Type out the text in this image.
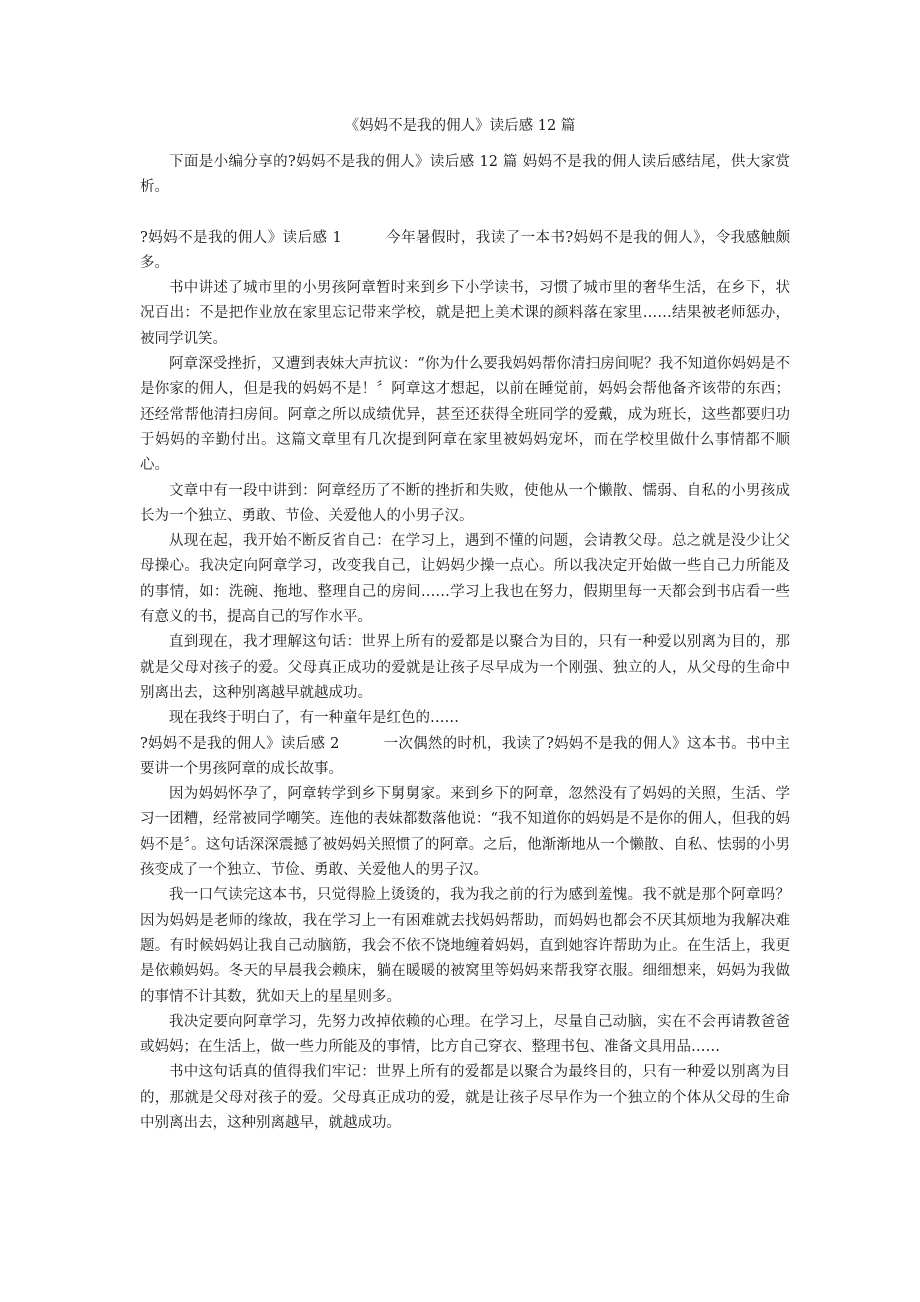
《妈妈不是我的佣人》读后感 12 篇

下面是小编分享的?妈妈不是我的佣人》读后感 12 篇 妈妈不是我的佣人读后感结尾，供大家赏析。

?妈妈不是我的佣人》读后感 1	今年暑假时，我读了一本书?妈妈不是我的佣人》，令我感触颇多。

书中讲述了城市里的小男孩阿章暂时来到乡下小学读书，习惯了城市里的奢华生活，在乡下，状况百出：不是把作业放在家里忘记带来学校，就是把上美术课的颜料落在家里……结果被老师惩办，被同学讥笑。

阿章深受挫折，又遭到表妹大声抗议：“你为什么要我妈妈帮你清扫房间呢？我不知道你妈妈是不是你家的佣人，但是我的妈妈不是！〞阿章这才想起，以前在睡觉前，妈妈会帮他备齐该带的东西；还经常帮他清扫房间。阿章之所以成绩优异，甚至还获得全班同学的爱戴，成为班长，这些都要归功于妈妈的辛勤付出。这篇文章里有几次提到阿章在家里被妈妈宠坏，而在学校里做什么事情都不顺心。

文章中有一段中讲到：阿章经历了不断的挫折和失败，使他从一个懒散、懦弱、自私的小男孩成长为一个独立、勇敢、节俭、关爱他人的小男子汉。

从现在起，我开始不断反省自己：在学习上，遇到不懂的问题，会请教父母。总之就是没少让父母操心。我决定向阿章学习，改变我自己，让妈妈少操一点心。所以我决定开始做一些自己力所能及的事情，如：洗碗、拖地、整理自己的房间……学习上我也在努力，假期里每一天都会到书店看一些有意义的书，提高自己的写作水平。

直到现在，我才理解这句话：世界上所有的爱都是以聚合为目的，只有一种爱以别离为目的，那就是父母对孩子的爱。父母真正成功的爱就是让孩子尽早成为一个刚强、独立的人，从父母的生命中别离出去，这种别离越早就越成功。

现在我终于明白了，有一种童年是红色的……

?妈妈不是我的佣人》读后感 2	一次偶然的时机，我读了?妈妈不是我的佣人》这本书。书中主要讲一个男孩阿章的成长故事。

因为妈妈怀孕了，阿章转学到乡下舅舅家。来到乡下的阿章，忽然没有了妈妈的关照，生活、学习一团糟，经常被同学嘲笑。连他的表妹都数落他说：“我不知道你的妈妈是不是你的佣人，但我的妈妈不是〞。这句话深深震撼了被妈妈关照惯了的阿章。之后，他渐渐地从一个懒散、自私、怯弱的小男孩变成了一个独立、节俭、勇敢、关爱他人的男子汉。

我一口气读完这本书，只觉得脸上烫烫的，我为我之前的行为感到羞愧。我不就是那个阿章吗？因为妈妈是老师的缘故，我在学习上一有困难就去找妈妈帮助，而妈妈也都会不厌其烦地为我解决难题。有时候妈妈让我自己动脑筋，我会不依不饶地缠着妈妈，直到她容许帮助为止。在生活上，我更是依赖妈妈。冬天的早晨我会赖床，躺在暖暖的被窝里等妈妈来帮我穿衣服。细细想来，妈妈为我做的事情不计其数，犹如天上的星星则多。

我决定要向阿章学习，先努力改掉依赖的心理。在学习上，尽量自己动脑，实在不会再请教爸爸或妈妈；在生活上，做一些力所能及的事情，比方自己穿衣、整理书包、准备文具用品……

书中这句话真的值得我们牢记：世界上所有的爱都是以聚合为最终目的，只有一种爱以别离为目的，那就是父母对孩子的爱。父母真正成功的爱，就是让孩子尽早作为一个独立的个体从父母的生命中别离出去，这种别离越早，就越成功。
